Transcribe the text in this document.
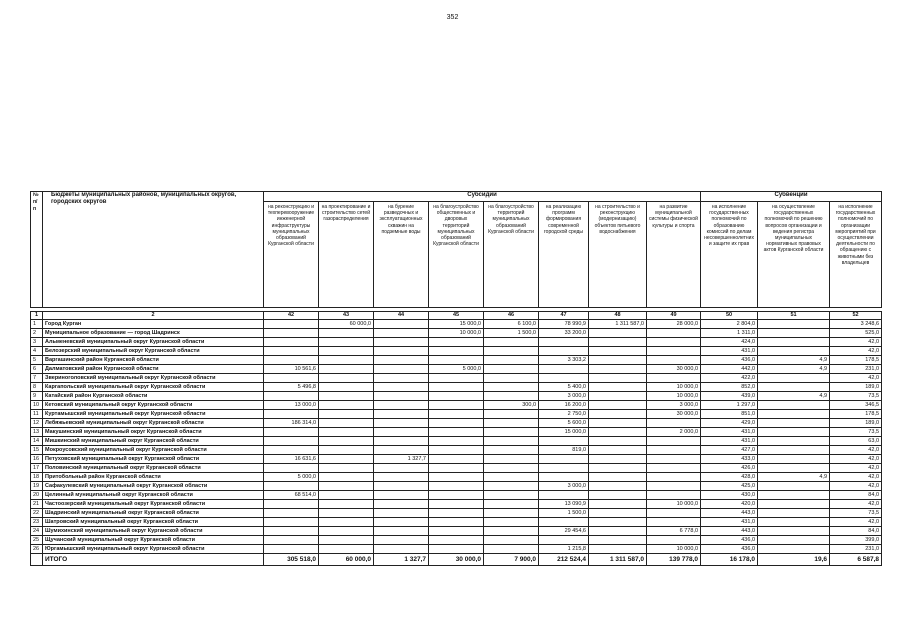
352
№ п/п	Бюджеты муниципальных районов, муниципальных округов, городских округов	Субсидии								Субвенции		
		на реконструкцию и техперевооружение инженерной инфраструктуры муниципальных образований Курганской области	на проектирование и строительство сетей газораспределения	на бурение разведочных и эксплуатационных скважин на подземные воды	на благоустройство общественных и дворовых территорий муниципальных образований Курганской области	на благоустройство территорий муниципальных образований Курганской области	на реализацию программ формирования современной городской среды	на строительство и реконструкцию (модернизацию) объектов питьевого водоснабжения	на развитие муниципальной системы физической культуры и спорта	на исполнение государственных полномочий по образованию комиссий по делам несовершеннолетних и защите их прав	на осуществление государственных полномочий по решению вопросов организации и ведения регистра муниципальных нормативных правовых актов Курганской области	на исполнение государственных полномочий по организации мероприятий при осуществлении деятельности по обращению с животными без владельцев

1	2	42	43	44	45	46	47	48	49	50	51	52
1	Город Курган		60 000,0		15 000,0	6 100,0	78 990,9	1 311 587,0	28 000,0	2 804,0		3 248,6
2	Муниципальное образование — город Шадринск				10 000,0	1 500,0	33 200,0			1 311,0		525,0
3	Альменевский муниципальный округ Курганской области									424,0		42,0
4	Белозерский муниципальный округ Курганской области									431,0		42,0
5	Варгашинский район Курганской области						3 303,2			436,0	4,9	178,5
6	Далматовский район Курганской области	10 561,6			5 000,0				30 000,0	442,0	4,9	231,0
7	Звериноголовский муниципальный округ Курганской области									422,0		42,0
8	Каргапольский муниципальный округ Курганской области	5 496,8					5 400,0		10 000,0	852,0		189,0
9	Катайский район Курганской области						3 000,0		10 000,0	439,0	4,9	73,5
10	Кетовский муниципальный округ Курганской области	13 000,0				300,0	16 200,0		3 000,0	1 297,0		346,5
11	Куртамышский муниципальный округ Курганской области						2 750,0		30 000,0	851,0		178,5
12	Лебяжьевский муниципальный округ Курганской области	186 314,0					5 600,0			429,0		189,0
13	Макушинский муниципальный округ Курганской области						15 000,0		2 000,0	431,0		73,5
14	Мишкинский муниципальный округ Курганской области									431,0		63,0
15	Мокроусовский муниципальный округ Курганской области						819,0			427,0		42,0
16	Петуховский муниципальный округ Курганской области	16 631,6		1 327,7						433,0		42,0
17	Половинский муниципальный округ Курганской области									426,0		42,0
18	Притобольный район Курганской области	5 000,0								428,0	4,9	42,0
19	Сафакулевский муниципальный округ Курганской области						3 000,0			425,0		42,0
20	Целинный муниципальный округ Курганской области	68 514,0								430,0		84,0
21	Частоозерский муниципальный округ Курганской области						13 090,9		10 000,0	420,0		42,0
22	Шадринский муниципальный округ Курганской области						1 500,0			443,0		73,5
23	Шатровский муниципальный округ Курганской области									431,0		42,0
24	Шумихинский муниципальный округ Курганской области						29 454,6		6 778,0	443,0		84,0
25	Щучанский муниципальный округ Курганской области									436,0		399,0
26	Юргамышский муниципальный округ Курганской области						1 215,8		10 000,0	436,0		231,0
	ИТОГО	305 518,0	60 000,0	1 327,7	30 000,0	7 900,0	212 524,4	1 311 587,0	139 778,0	16 178,0	19,6	6 587,8
